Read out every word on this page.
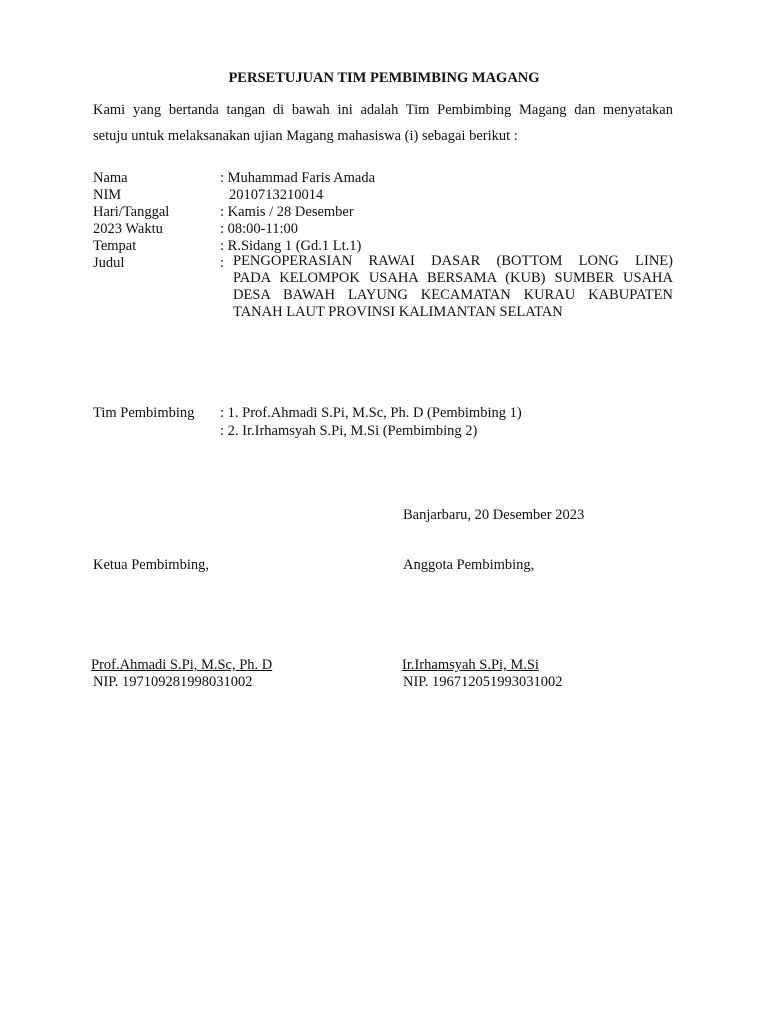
PERSETUJUAN TIM PEMBIMBING MAGANG
Kami yang bertanda tangan di bawah ini adalah Tim Pembimbing Magang dan menyatakan
setuju untuk melaksanakan ujian Magang mahasiswa (i) sebagai berikut :
Nama	: Muhammad Faris Amada
NIM	2010713210014
Hari/Tanggal	: Kamis / 28 Desember
2023 Waktu	: 08:00-11:00
Tempat	: R.Sidang 1 (Gd.1 Lt.1)
Judul	: PENGOPERASIAN RAWAI DASAR (BOTTOM LONG LINE)
PADA KELOMPOK USAHA BERSAMA (KUB) SUMBER USAHA
DESA BAWAH LAYUNG KECAMATAN KURAU KABUPATEN
TANAH LAUT PROVINSI KALIMANTAN SELATAN
Tim Pembimbing : 1. Prof.Ahmadi S.Pi, M.Sc, Ph. D (Pembimbing 1)
: 2. Ir.Irhamsyah S.Pi, M.Si (Pembimbing 2)
Banjarbaru, 20 Desember 2023
Ketua Pembimbing,	Anggota Pembimbing,
Prof.Ahmadi S.Pi, M.Sc, Ph. D	Ir.Irhamsyah S.Pi, M.Si
NIP. 197109281998031002	NIP. 196712051993031002
